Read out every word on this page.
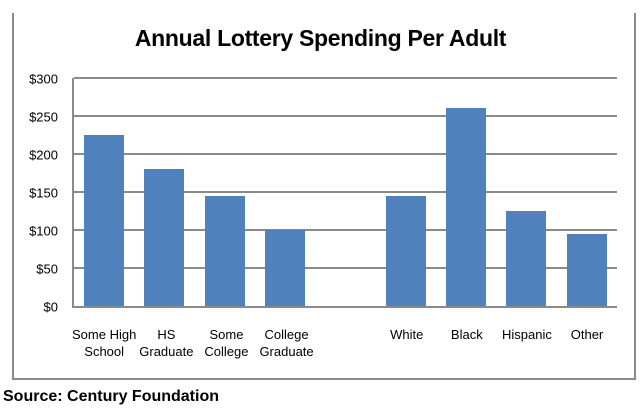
Annual Lottery Spending Per Adult
$0
$50
$100
$150
$200
$250
$300
Some High
School
HS
Graduate
Some
College
College
Graduate
White	Black	Hispanic	Other
Source: Century Foundation
